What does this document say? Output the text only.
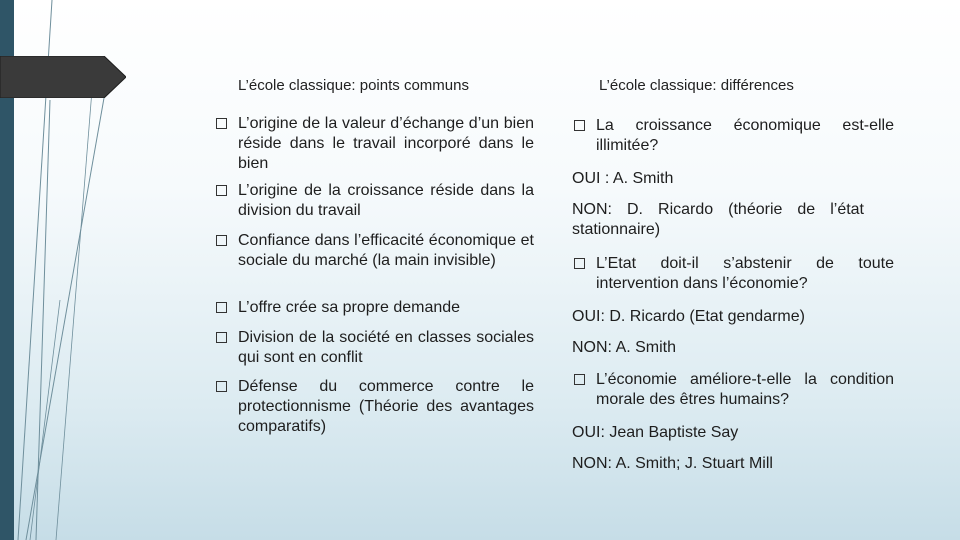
L’école classique: points communs	L’école classique: différences
L’origine de la valeur d’échange d’un bien réside dans le travail incorporé dans le bien
L’origine de la croissance réside dans la division du travail
Confiance dans l’efficacité économique et sociale du marché (la main invisible)
L’offre crée sa propre demande
Division de la société en classes sociales qui sont en conflit
Défense du commerce contre le protectionnisme (Théorie des avantages comparatifs)
La croissance économique est-elle illimitée?
OUI : A. Smith
NON: D. Ricardo (théorie de l’état stationnaire)
L’Etat doit-il s’abstenir de toute intervention dans l’économie?
OUI: D. Ricardo (Etat gendarme)
NON: A. Smith
L’économie améliore-t-elle la condition morale des êtres humains?
OUI: Jean Baptiste Say
NON: A. Smith; J. Stuart Mill
